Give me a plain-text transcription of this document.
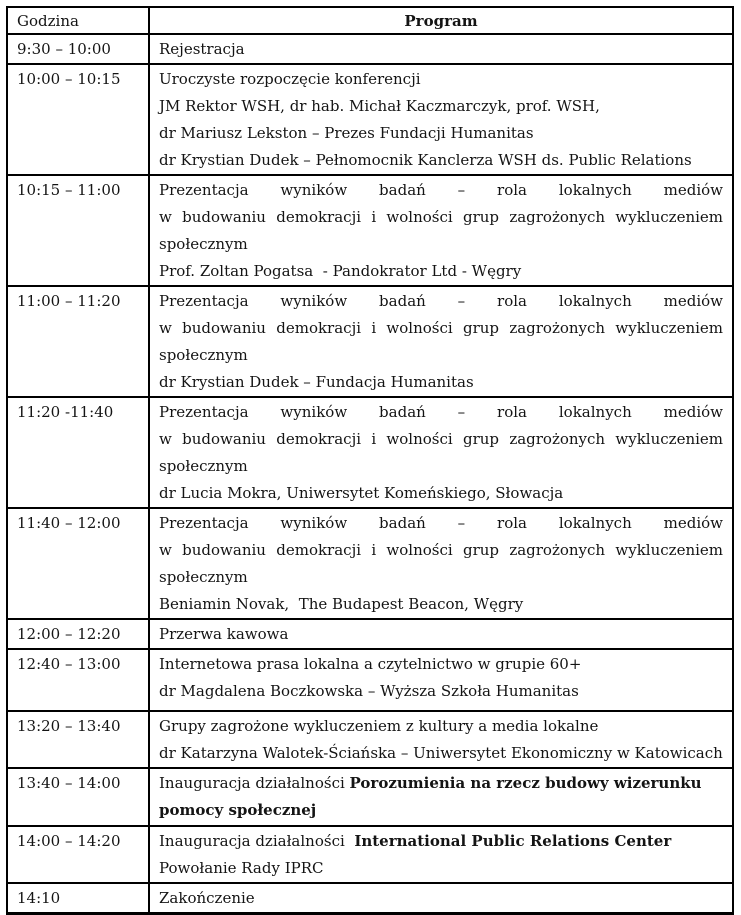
Godzina	Program
9:30 – 10:00	Rejestracja

10:00 – 10:15	Uroczyste rozpoczęcie konferencji
JM Rektor WSH, dr hab. Michał Kaczmarczyk, prof. WSH,
dr Mariusz Lekston – Prezes Fundacji Humanitas
dr Krystian Dudek – Pełnomocnik Kanclerza WSH ds. Public Relations

10:15 – 11:00	Prezentacja wyników badań – rola lokalnych mediów
w budowaniu demokracji i wolności grup zagrożonych wykluczeniem społecznym
Prof. Zoltan Pogatsa  - Pandokrator Ltd - Węgry

11:00 – 11:20	Prezentacja wyników badań – rola lokalnych mediów
w budowaniu demokracji i wolności grup zagrożonych wykluczeniem społecznym
dr Krystian Dudek – Fundacja Humanitas

11:20 -11:40	Prezentacja wyników badań – rola lokalnych mediów
w budowaniu demokracji i wolności grup zagrożonych wykluczeniem społecznym
dr Lucia Mokra, Uniwersytet Komeńskiego, Słowacja

11:40 – 12:00	Prezentacja wyników badań – rola lokalnych mediów
w budowaniu demokracji i wolności grup zagrożonych wykluczeniem społecznym
Beniamin Novak,  The Budapest Beacon, Węgry

12:00 – 12:20	Przerwa kawowa

12:40 – 13:00	Internetowa prasa lokalna a czytelnictwo w grupie 60+
dr Magdalena Boczkowska – Wyższa Szkoła Humanitas

13:20 – 13:40	Grupy zagrożone wykluczeniem z kultury a media lokalne
dr Katarzyna Walotek-Ściańska – Uniwersytet Ekonomiczny w Katowicach

13:40 – 14:00	Inauguracja działalności Porozumienia na rzecz budowy wizerunku
pomocy społecznej

14:00 – 14:20	Inauguracja działalności  International Public Relations Center
Powołanie Rady IPRC

14:10	Zakończenie
